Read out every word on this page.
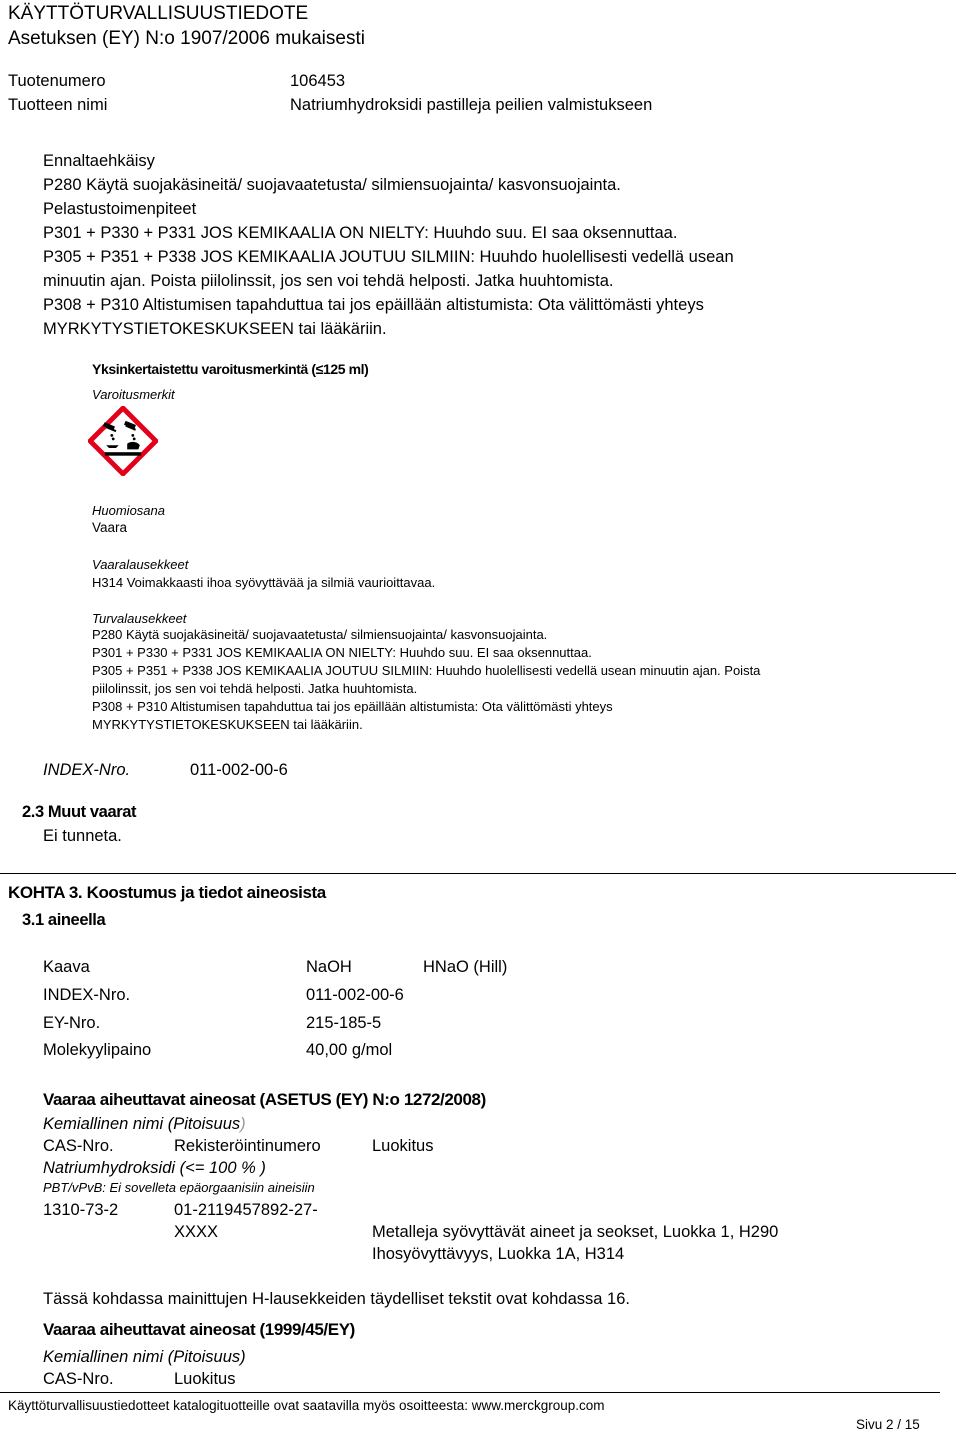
KÄYTTÖTURVALLISUUSTIEDOTE
Asetuksen (EY) N:o 1907/2006 mukaisesti
Tuotenumero	106453
Tuotteen nimi	Natriumhydroksidi pastilleja peilien valmistukseen
Ennaltaehkäisy
P280 Käytä suojakäsineitä/ suojavaatetusta/ silmiensuojainta/ kasvonsuojainta.
Pelastustoimenpiteet
P301 + P330 + P331 JOS KEMIKAALIA ON NIELTY: Huuhdo suu. EI saa oksennuttaa.
P305 + P351 + P338 JOS KEMIKAALIA JOUTUU SILMIIN: Huuhdo huolellisesti vedellä usean
minuutin ajan. Poista piilolinssit, jos sen voi tehdä helposti. Jatka huuhtomista.
P308 + P310 Altistumisen tapahduttua tai jos epäillään altistumista: Ota välittömästi yhteys
MYRKYTYSTIETOKESKUKSEEN tai lääkäriin.
Yksinkertaistettu varoitusmerkintä (≤125 ml)
Varoitusmerkit
Huomiosana
Vaara
Vaaralausekkeet
H314 Voimakkaasti ihoa syövyttävää ja silmiä vaurioittavaa.
Turvalausekkeet
P280 Käytä suojakäsineitä/ suojavaatetusta/ silmiensuojainta/ kasvonsuojainta.
P301 + P330 + P331 JOS KEMIKAALIA ON NIELTY: Huuhdo suu. EI saa oksennuttaa.
P305 + P351 + P338 JOS KEMIKAALIA JOUTUU SILMIIN: Huuhdo huolellisesti vedellä usean minuutin ajan. Poista
piilolinssit, jos sen voi tehdä helposti. Jatka huuhtomista.
P308 + P310 Altistumisen tapahduttua tai jos epäillään altistumista: Ota välittömästi yhteys
MYRKYTYSTIETOKESKUKSEEN tai lääkäriin.
INDEX-Nro.	011-002-00-6
2.3 Muut vaarat
Ei tunneta.
KOHTA 3. Koostumus ja tiedot aineosista
3.1 aineella
Kaava	NaOH	HNaO (Hill)
INDEX-Nro.	011-002-00-6
EY-Nro.	215-185-5
Molekyylipaino	40,00 g/mol
Vaaraa aiheuttavat aineosat (ASETUS (EY) N:o 1272/2008)
Kemiallinen nimi (Pitoisuus)
CAS-Nro.	Rekisteröintinumero	Luokitus
Natriumhydroksidi (<= 100 % )
PBT/vPvB: Ei sovelleta epäorgaanisiin aineisiin
1310-73-2	01-2119457892-27-
XXXX	Metalleja syövyttävät aineet ja seokset, Luokka 1, H290
Ihosyövyttävyys, Luokka 1A, H314
Tässä kohdassa mainittujen H-lausekkeiden täydelliset tekstit ovat kohdassa 16.
Vaaraa aiheuttavat aineosat (1999/45/EY)
Kemiallinen nimi (Pitoisuus)
CAS-Nro.	Luokitus
Käyttöturvallisuustiedotteet katalogituotteille ovat saatavilla myös osoitteesta: www.merckgroup.com
Sivu 2 / 15
